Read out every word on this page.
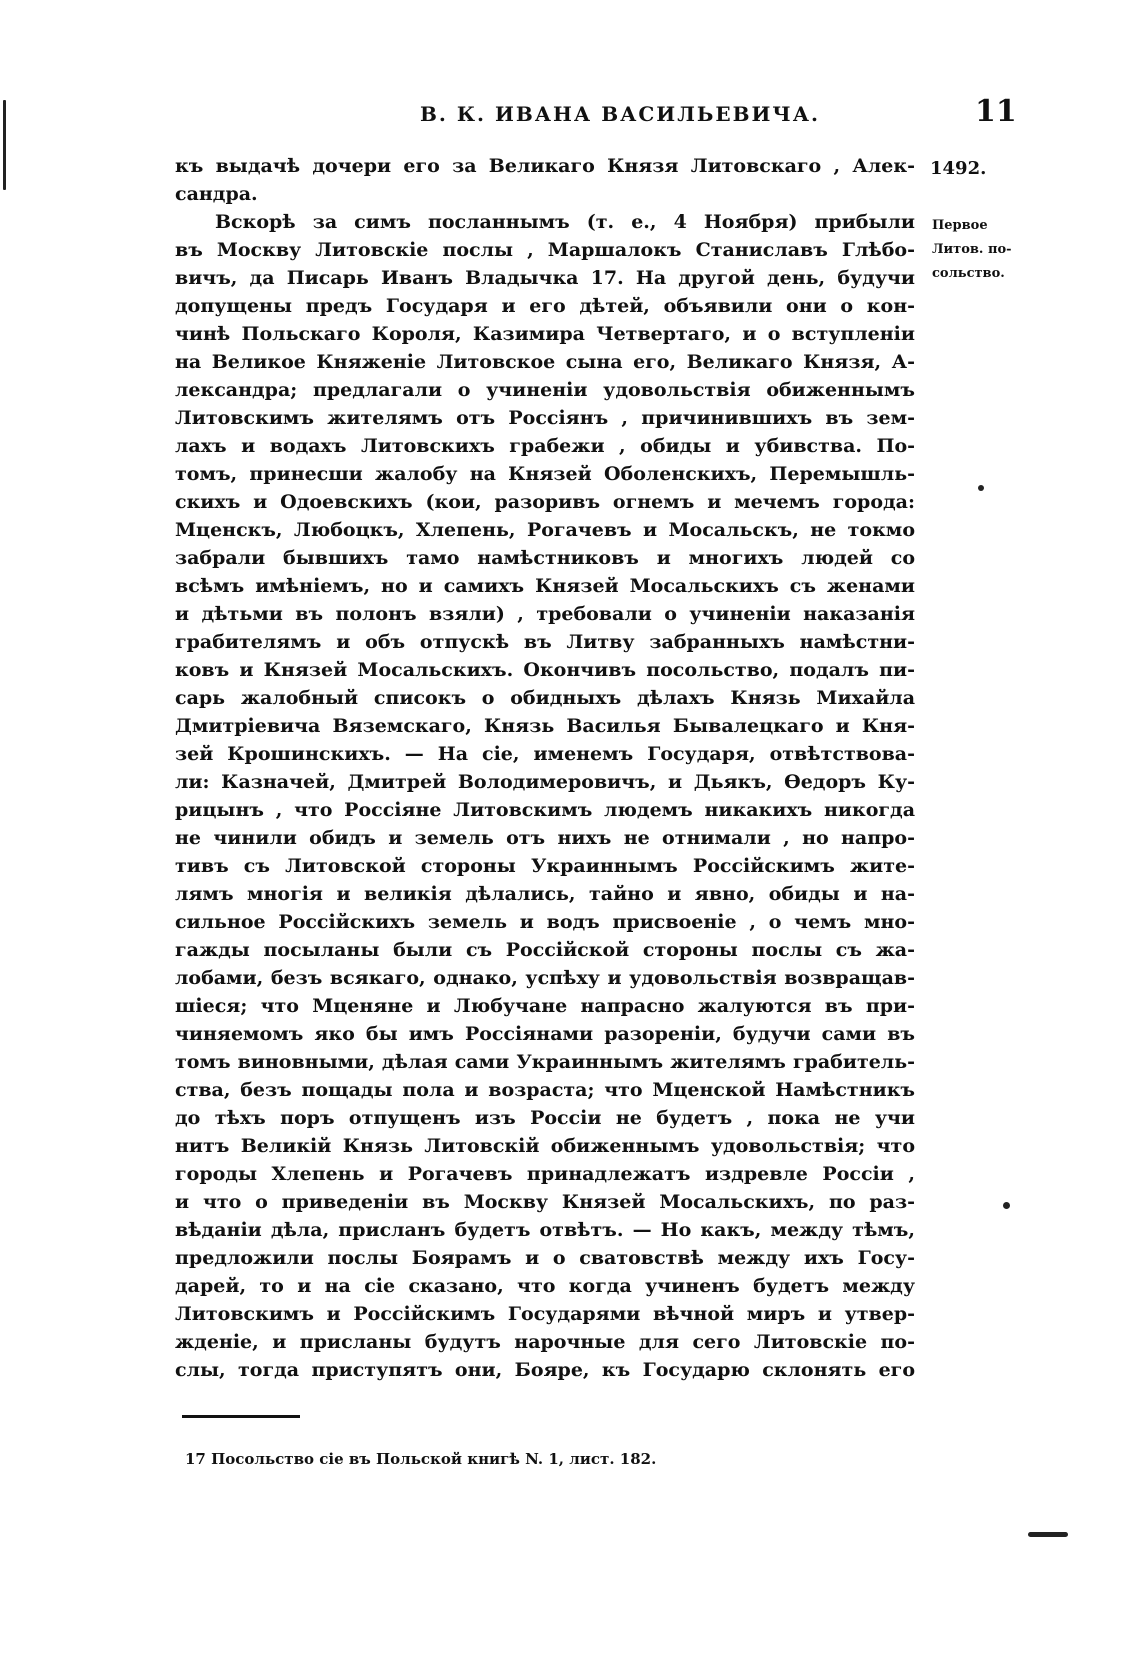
В. К. ИВАНА ВАСИЛЬЕВИЧА.	11
1492.
Первое
Литов. по-
сольство.
къ выдачѣ дочери его за Великаго Князя Литовскаго , Алек-
сандра.
Вскорѣ за симъ посланнымъ (т. е., 4 Ноября) прибыли
въ Москву Литовскіе послы , Маршалокъ Станиславъ Глѣбо-
вичъ, да Писарь Иванъ Владычка 17. На другой день, будучи
допущены предъ Государя и его дѣтей, объявили они о кон-
чинѣ Польскаго Короля, Казимира Четвертаго, и о вступленіи
на Великое Княженіе Литовское сына его, Великаго Князя, А-
лександра; предлагали о учиненіи удовольствія обиженнымъ
Литовскимъ жителямъ отъ Россіянъ , причинившихъ въ зем-
лахъ и водахъ Литовскихъ грабежи , обиды и убивства. По-
томъ, принесши жалобу на Князей Оболенскихъ, Перемышль-
скихъ и Одоевскихъ (кои, разоривъ огнемъ и мечемъ города:
Мценскъ, Любоцкъ, Хлепень, Рогачевъ и Мосальскъ, не токмо
забрали бывшихъ тамо намѣстниковъ и многихъ людей со
всѣмъ имѣніемъ, но и самихъ Князей Мосальскихъ съ женами
и дѣтьми въ полонъ взяли) , требовали о учиненіи наказанія
грабителямъ и объ отпускѣ въ Литву забранныхъ намѣстни-
ковъ и Князей Мосальскихъ. Окончивъ посольство, подалъ пи-
сарь жалобный списокъ о обидныхъ дѣлахъ Князь Михайла
Дмитріевича Вяземскаго, Князь Василья Бывалецкаго и Кня-
зей Крошинскихъ. — На сіе, именемъ Государя, отвѣтствова-
ли: Казначей, Дмитрей Володимеровичъ, и Дьякъ, Ѳедоръ Ку-
рицынъ , что Россіяне Литовскимъ людемъ никакихъ никогда
не чинили обидъ и земель отъ нихъ не отнимали , но напро-
тивъ съ Литовской стороны Украиннымъ Россійскимъ жите-
лямъ многія и великія дѣлались, тайно и явно, обиды и на-
сильное Россійскихъ земель и водъ присвоеніе , о чемъ мно-
гажды посыланы были съ Россійской стороны послы съ жа-
лобами, безъ всякаго, однако, успѣху и удовольствія возвращав-
шіеся; что Мценяне и Любучане напрасно жалуются въ при-
чиняемомъ яко бы имъ Россіянами разореніи, будучи сами въ
томъ виновными, дѣлая сами Украиннымъ жителямъ грабитель-
ства, безъ пощады пола и возраста; что Мценской Намѣстникъ
до тѣхъ поръ отпущенъ изъ Россіи не будетъ , пока не учи
нитъ Великій Князь Литовскій обиженнымъ удовольствія; что
городы Хлепень и Рогачевъ принадлежатъ издревле Россіи ,
и что о приведеніи въ Москву Князей Мосальскихъ, по раз-
вѣданіи дѣла, присланъ будетъ отвѣтъ. — Но какъ, между тѣмъ,
предложили послы Боярамъ и о сватовствѣ между ихъ Госу-
дарей, то и на сіе сказано, что когда учиненъ будетъ между
Литовскимъ и Россійскимъ Государями вѣчной миръ и утвер-
жденіе, и присланы будутъ нарочные для сего Литовскіе по-
слы, тогда приступятъ они, Бояре, къ Государю склонять его
17 Посольство сіе въ Польской книгѣ N. 1, лист. 182.
